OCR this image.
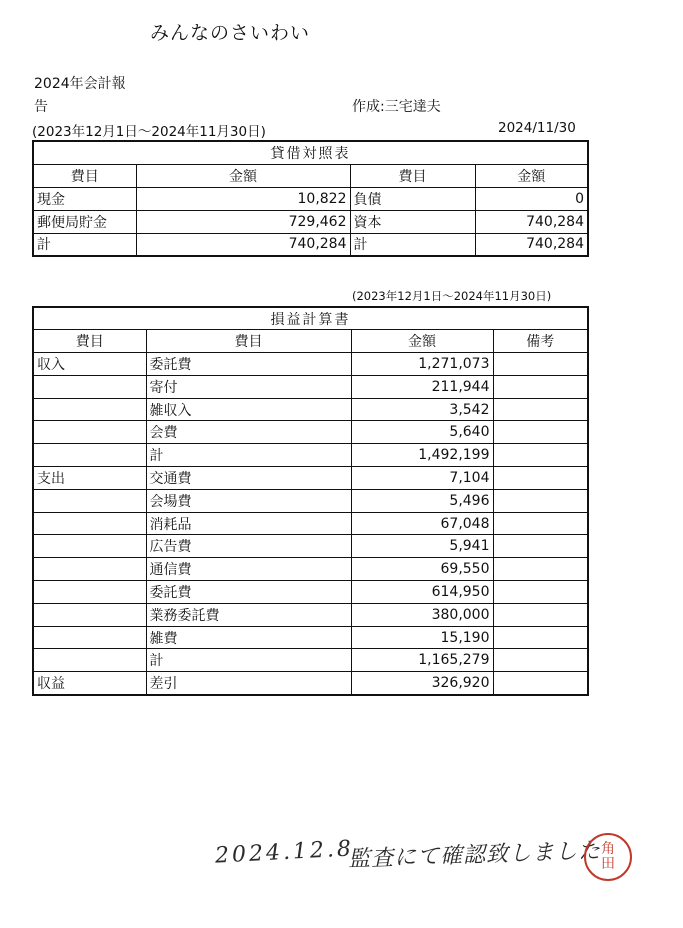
みんなのさいわい
2024年会計報
告	作成:三宅達夫
(2023年12月1日〜2024年11月30日)	2024/11/30
貸借対照表			
費目	金額	費目	金額
現金	10,822	負債	0
郵便局貯金	729,462	資本	740,284
計	740,284	計	740,284
(2023年12月1日〜2024年11月30日)
損益計算書			
費目	費目	金額	備考
収入	委託費	1,271,073	
	寄付	211,944	
	雑収入	3,542	
	会費	5,640	
	計	1,492,199	
支出	交通費	7,104	
	会場費	5,496	
	消耗品	67,048	
	広告費	5,941	
	通信費	69,550	
	委託費	614,950	
	業務委託費	380,000	
	雑費	15,190	
	計	1,165,279	
収益	差引	326,920	
2024.12.8
監査にて確認致しました 角
田
